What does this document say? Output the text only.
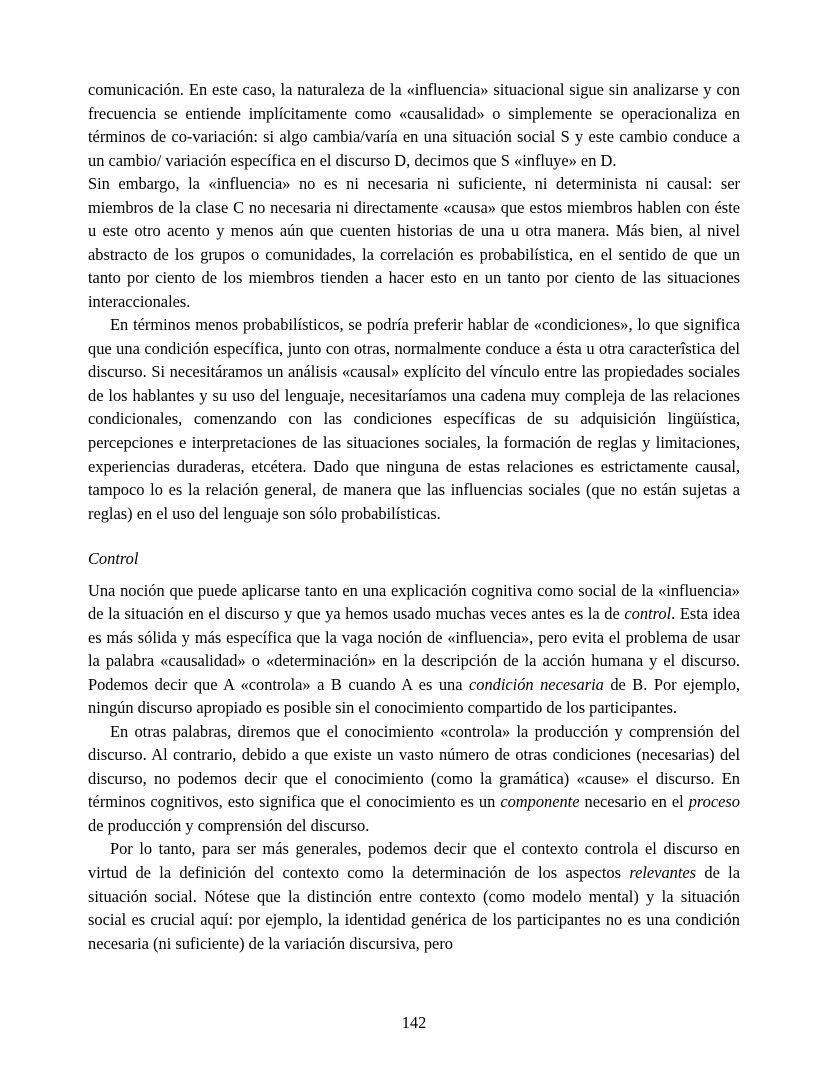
comunicación. En este caso, la naturaleza de la «influencia» situacional sigue sin analizarse y con frecuencia se entiende implícitamente como «causalidad» o simplemente se operacionaliza en términos de co-variación: si algo cambia/varía en una situación social S y este cambio conduce a un cambio/ variación específica en el discurso D, decimos que S «influye» en D.

Sin embargo, la «influencia» no es ni necesaria ni suficiente, ni determinista ni causal: ser miembros de la clase C no necesaria ni directamente «causa» que estos miembros hablen con éste u este otro acento y menos aún que cuenten historias de una u otra manera. Más bien, al nivel abstracto de los grupos o comunidades, la correlación es probabilística, en el sentido de que un tanto por ciento de los miembros tienden a hacer esto en un tanto por ciento de las situaciones interaccionales.

En términos menos probabilísticos, se podría preferir hablar de «condiciones», lo que significa que una condición específica, junto con otras, normalmente conduce a ésta u otra caracterîstica del discurso. Si necesitáramos un análisis «causal» explícito del vínculo entre las propiedades sociales de los hablantes y su uso del lenguaje, necesitaríamos una cadena muy compleja de las relaciones condicionales, comenzando con las condiciones específicas de su adquisición lingüística, percepciones e interpretaciones de las situaciones sociales, la formación de reglas y limitaciones, experiencias duraderas, etcétera. Dado que ninguna de estas relaciones es estrictamente causal, tampoco lo es la relación general, de manera que las influencias sociales (que no están sujetas a reglas) en el uso del lenguaje son sólo probabilísticas.

Control

Una noción que puede aplicarse tanto en una explicación cognitiva como social de la «influencia» de la situación en el discurso y que ya hemos usado muchas veces antes es la de control. Esta idea es más sólida y más específica que la vaga noción de «influencia», pero evita el problema de usar la palabra «causalidad» o «determinación» en la descripción de la acción humana y el discurso. Podemos decir que A «controla» a B cuando A es una condición necesaria de B. Por ejemplo, ningún discurso apropiado es posible sin el conocimiento compartido de los participantes.

En otras palabras, diremos que el conocimiento «controla» la producción y comprensión del discurso. Al contrario, debido a que existe un vasto número de otras condiciones (necesarias) del discurso, no podemos decir que el conocimiento (como la gramática) «cause» el discurso. En términos cognitivos, esto significa que el conocimiento es un componente necesario en el proceso de producción y comprensión del discurso.

Por lo tanto, para ser más generales, podemos decir que el contexto controla el discurso en virtud de la definición del contexto como la determinación de los aspectos relevantes de la situación social. Nótese que la distinción entre contexto (como modelo mental) y la situación social es crucial aquí: por ejemplo, la identidad genérica de los participantes no es una condición necesaria (ni suficiente) de la variación discursiva, pero

142
